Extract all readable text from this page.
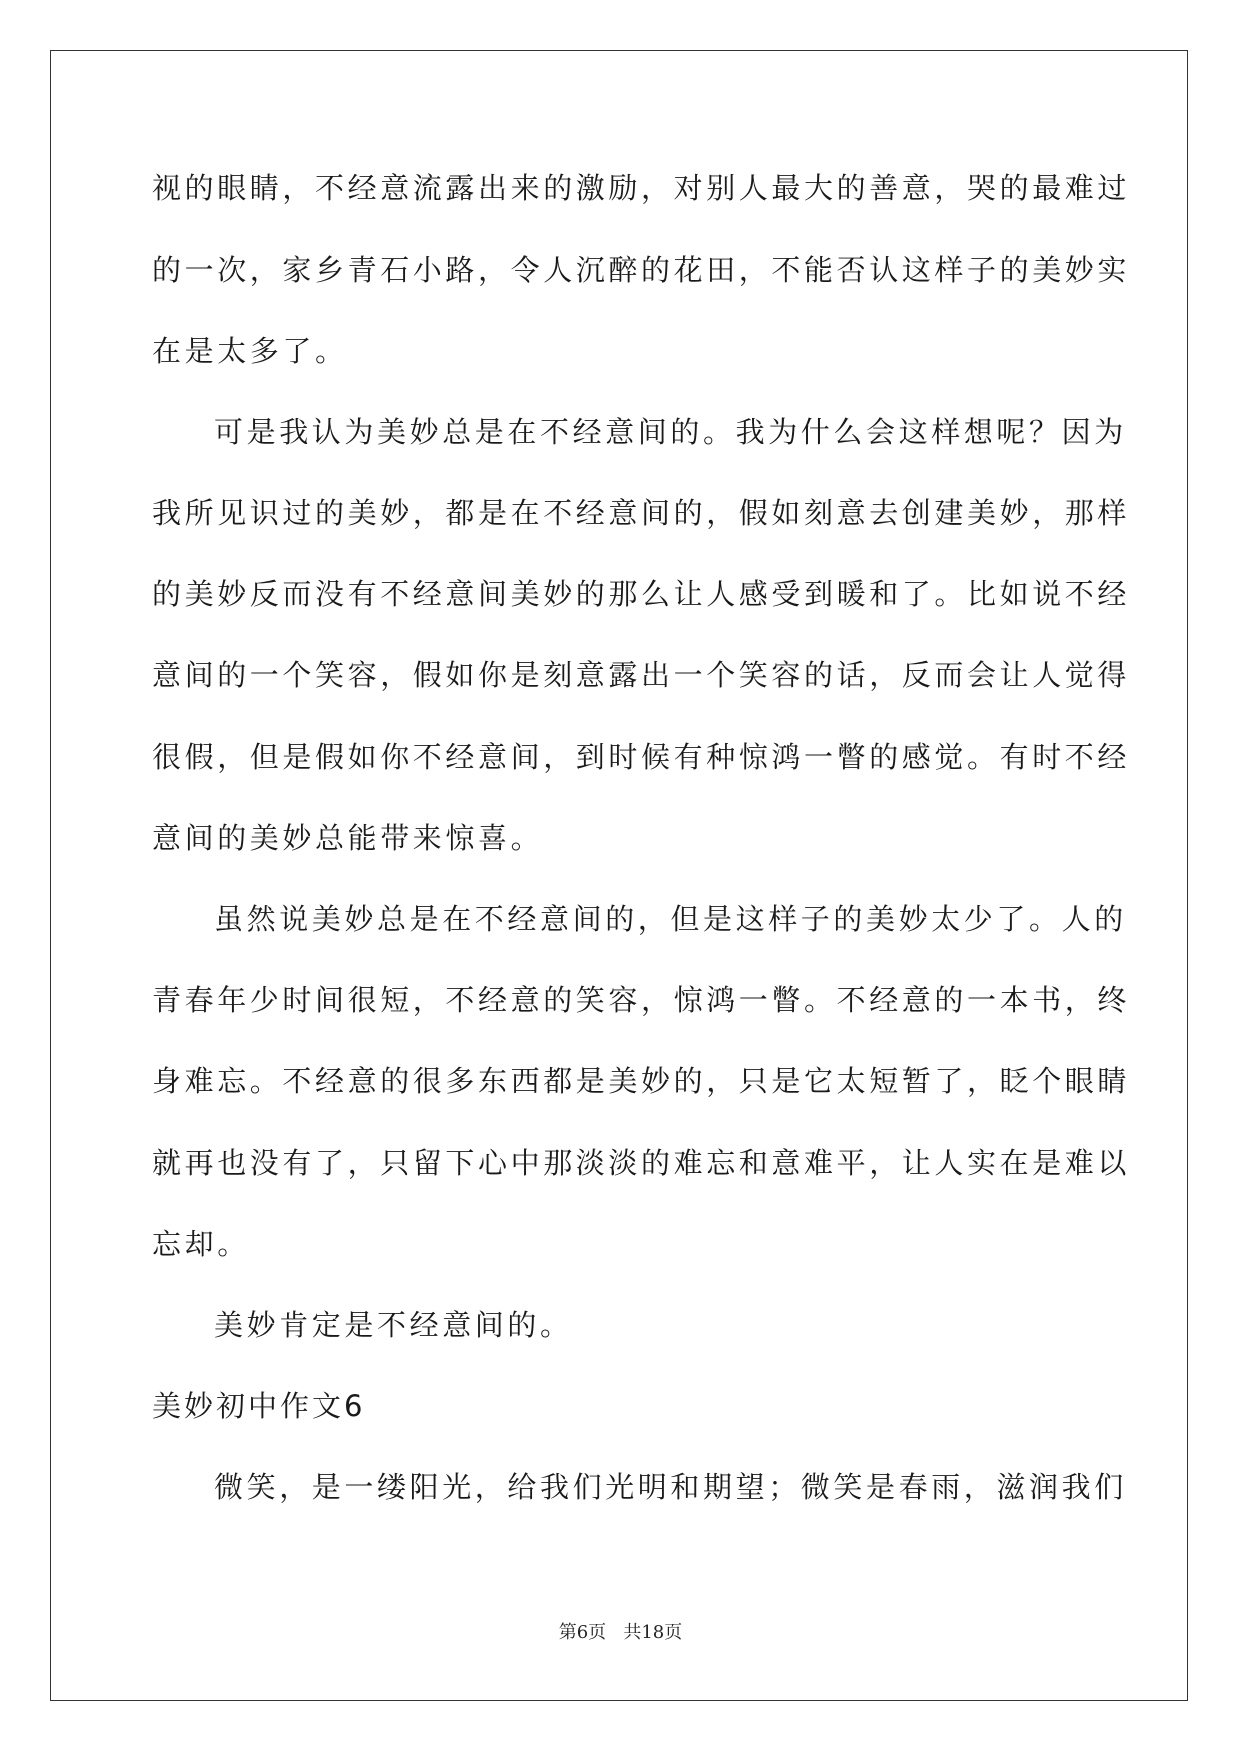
视的眼睛，不经意流露出来的激励，对别人最大的善意，哭的最难过
的一次，家乡青石小路，令人沉醉的花田，不能否认这样子的美妙实
在是太多了。
可是我认为美妙总是在不经意间的。我为什么会这样想呢？因为
我所见识过的美妙，都是在不经意间的，假如刻意去创建美妙，那样
的美妙反而没有不经意间美妙的那么让人感受到暖和了。比如说不经
意间的一个笑容，假如你是刻意露出一个笑容的话，反而会让人觉得
很假，但是假如你不经意间，到时候有种惊鸿一瞥的感觉。有时不经
意间的美妙总能带来惊喜。
虽然说美妙总是在不经意间的，但是这样子的美妙太少了。人的
青春年少时间很短，不经意的笑容，惊鸿一瞥。不经意的一本书，终
身难忘。不经意的很多东西都是美妙的，只是它太短暂了，眨个眼睛
就再也没有了，只留下心中那淡淡的难忘和意难平，让人实在是难以
忘却。
美妙肯定是不经意间的。
美妙初中作文6
微笑，是一缕阳光，给我们光明和期望；微笑是春雨，滋润我们
第6页   共18页
